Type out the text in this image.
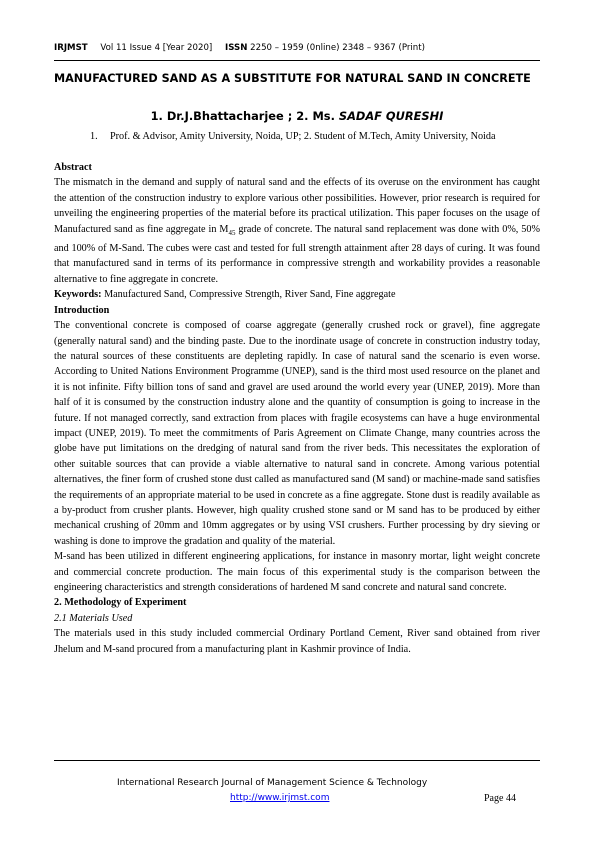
IRJMST Vol 11 Issue 4 [Year 2020] ISSN 2250 – 1959 (0nline) 2348 – 9367 (Print)
MANUFACTURED SAND AS A SUBSTITUTE FOR NATURAL SAND IN CONCRETE
1. Dr.J.Bhattacharjee ; 2. Ms. SADAF QURESHI
1. Prof. & Advisor, Amity University, Noida, UP; 2. Student of M.Tech, Amity University, Noida

Abstract

The mismatch in the demand and supply of natural sand and the effects of its overuse on the environment has caught the attention of the construction industry to explore various other possibilities. However, prior research is required for unveiling the engineering properties of the material before its practical utilization. This paper focuses on the usage of Manufactured sand as fine aggregate in $M_{45}$ grade of concrete. The natural sand replacement was done with 0%, 50% and 100% of M-Sand. The cubes were cast and tested for full strength attainment after 28 days of curing. It was found that manufactured sand in terms of its performance in compressive strength and workability provides a reasonable alternative to fine aggregate in concrete.

Keywords: Manufactured Sand, Compressive Strength, River Sand, Fine aggregate

Introduction

The conventional concrete is composed of coarse aggregate (generally crushed rock or gravel), fine aggregate (generally natural sand) and the binding paste. Due to the inordinate usage of concrete in construction industry today, the natural sources of these constituents are depleting rapidly. In case of natural sand the scenario is even worse. According to United Nations Environment Programme (UNEP), sand is the third most used resource on the planet and it is not infinite. Fifty billion tons of sand and gravel are used around the world every year (UNEP, 2019). More than half of it is consumed by the construction industry alone and the quantity of consumption is going to increase in the future. If not managed correctly, sand extraction from places with fragile ecosystems can have a huge environmental impact (UNEP, 2019). To meet the commitments of Paris Agreement on Climate Change, many countries across the globe have put limitations on the dredging of natural sand from the river beds. This necessitates the exploration of other suitable sources that can provide a viable alternative to natural sand in concrete. Among various potential alternatives, the finer form of crushed stone dust called as manufactured sand (M sand) or machine-made sand satisfies the requirements of an appropriate material to be used in concrete as a fine aggregate. Stone dust is readily available as a by-product from crusher plants. However, high quality crushed stone sand or M sand has to be produced by either mechanical crushing of 20mm and 10mm aggregates or by using VSI crushers. Further processing by dry sieving or washing is done to improve the gradation and quality of the material.

M-sand has been utilized in different engineering applications, for instance in masonry mortar, light weight concrete and commercial concrete production. The main focus of this experimental study is the comparison between the engineering characteristics and strength considerations of hardened M sand concrete and natural sand concrete.

2. Methodology of Experiment

2.1 Materials Used

The materials used in this study included commercial Ordinary Portland Cement, River sand obtained from river Jhelum and M-sand procured from a manufacturing plant in Kashmir province of India.

International Research Journal of Management Science & Technology
http://www.irjmst.com	Page 44
